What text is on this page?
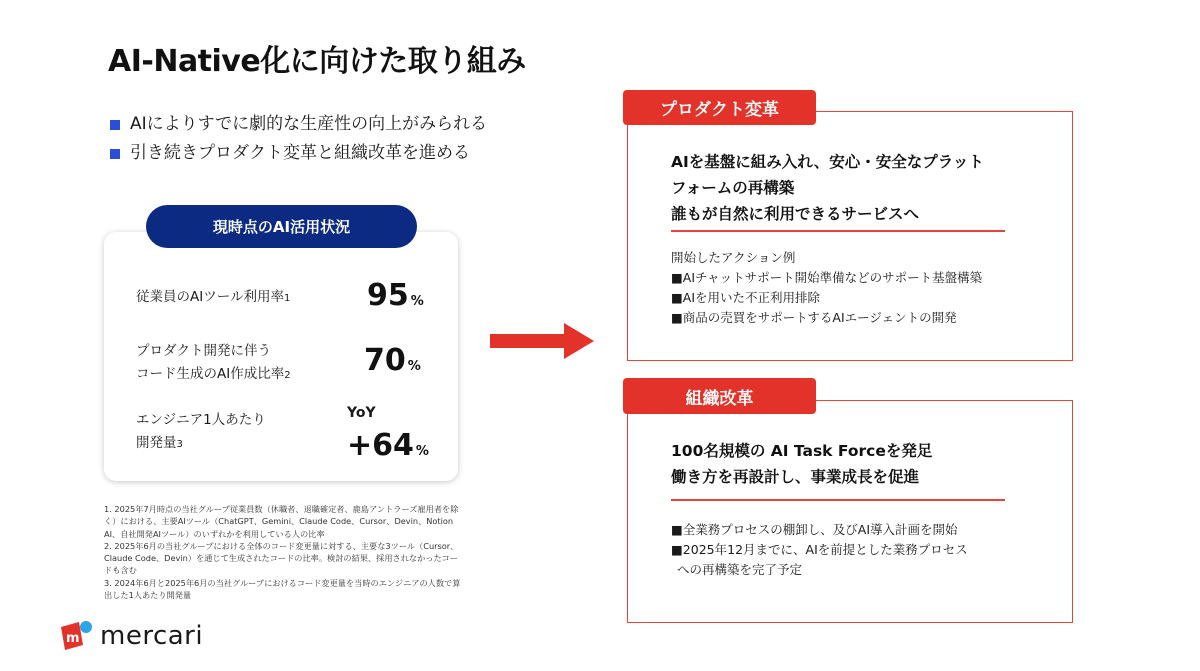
AI-Native化に向けた取り組み
AIによりすでに劇的な生産性の向上がみられる
引き続きプロダクト変革と組織改革を進める
現時点のAI活用状況
従業員のAIツール利用率1	95 %
プロダクト開発に伴う
コード生成のAI作成比率2 70 %
エンジニア1人あたり
開発量3
YoY
+64 %
1. 2025年7月時点の当社グループ従業員数（休職者、退職確定者、鹿島アントラーズ雇用者を除く）における、主要AIツール（ChatGPT、Gemini、Claude Code、Cursor、Devin、Notion AI、自社開発AIツール）のいずれかを利用している人の比率
2. 2025年6月の当社グループにおける全体のコード変更量に対する、主要な3ツール（Cursor、Claude Code、Devin）を通じて生成されたコードの比率。検討の結果、採用されなかったコードも含む
3. 2024年6月と2025年6月の当社グループにおけるコード変更量を当時のエンジニアの人数で算出した1人あたり開発量
m mercari
プロダクト変革
AIを基盤に組み入れ、安心・安全なプラット
フォームの再構築
誰もが自然に利用できるサービスへ
開始したアクション例
■AIチャットサポート開始準備などのサポート基盤構築
■AIを用いた不正利用排除
■商品の売買をサポートするAIエージェントの開発
組織改革
100名規模の AI Task Forceを発足
働き方を再設計し、事業成長を促進
■全業務プロセスの棚卸し、及びAI導入計画を開始
■2025年12月までに、AIを前提とした業務プロセス
への再構築を完了予定
